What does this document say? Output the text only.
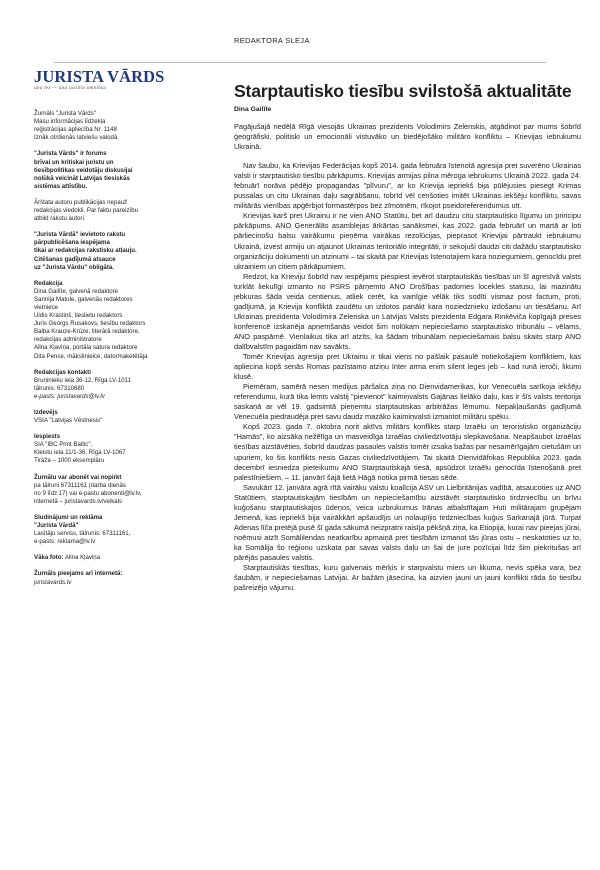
REDAKTORA SLEJA
JURISTA VĀRDS
una lex — una iustitia omnibus
Žurnāls "Jurista Vārds"
Masu informācijas līdzekļa
reģistrācijas apliecība Nr. 1148
Iznāk otrdienās latviešu valodā
"Jurista Vārds" ir forums
brīvai un kritiskai juristu un
tiesībpolitikas veidotāju diskusijai
nolūkā veicināt Latvijas tiesiskās
sistēmas attīstību.
Ārštata autoru publikācijas nepauž
redakcijas viedokli. Par faktu pareizību
atbild rakstu autori.
"Jurista Vārdā" ievietoto rakstu
pārpublicēšana iespējama
tikai ar redakcijas rakstisku atļauju.
Citēšanas gadījumā atsauce
uz "Jurista Vārdu" obligāta.
Redakcija
Dina Gailīte, galvenā redaktore
Sannija Matule, galvenās redaktores
vietniece
Uldis Krastiņš, tieslietu redaktors
Juris Georgs Rusakovs, tiesību redaktors
Baiba Krauze-Krūze, literārā redaktore,
redakcijas administratore
Allna Kļaviņa, portāla satura redaktore
Dita Pence, mākslinieice, datormaketētāja
Redakcijas kontakti
Bruņinieku iela 36-12, Rīga LV-1011
tālrunis: 67310680
e-pasts: juristavards@lv.lv
Izdevējs
VSIA "Latvijas Vēstnesis"
Iespiests
SIA "IBC Print Baltic",
Kleistu iela 11/1-36, Rīga LV-1067
Tirāža – 1000 eksemplāru
Žurnālu var abonēt vai nopirkt
pa tālruni 67311161 (darba dienās
no 9 līdz 17) vai e-pastu abonenti@lv.lv,
internetā – juristavards.lv/veikals
Sludinājumi un reklāma
"Jurista Vārdā"
Lasītāju serviss, tālrunis: 67311161,
e-pasts: reklama@lv.lv
Vāka foto: Allna Kļaviņa
Žurnāls pieejams arī internetā:
juristavards.lv
Starptautisko tiesību svilstošā aktualitāte
Dina Gailīte

Pagājušajā nedēļā Rīgā viesojās Ukrainas prezidents Volodimirs Zelenskis, atgādinot par mums šobrīd ģeogrāfiski, politiski un emocionāli vistuvāko un biedējošāko militāro konfliktu – Krievijas iebrukumu Ukrainā.

Nav šaubu, ka Krievijas Federācijas kopš 2014. gada februāra īstenotā agresija pret suverēno Ukrainas valsti ir starptautisko tiesību pārkāpums. Krievijas armijas pilna mēroga iebrukums Ukrainā 2022. gada 24. februārī norāva pēdējo propagandas "plīvuru", ar ko Krievija iepriekš bija pūlējusies piesegt Krimas pussalas un citu Ukrainas daļu sagrābšanu, tobrīd vēl cenšoties imitēt Ukrainas iekšēju konfliktu, savas militārās vienības apģērbjot formastērpos bez zīmotnēm, rīkojot pseidoreferendumus utt.

Krievijas karš pret Ukrainu ir ne vien ANO Statūtu, bet arī daudzu citu starptautisko līgumu un principu pārkāpums. ANO Ģenerālās asamblejas ārkārtas sanāksmei, kas 2022. gada februārī un martā ar ļoti pārliecinošu balsu vairākumu pieņēma vairākas rezolūcijas, pieprasot Krievijai pārtraukt iebrukumu Ukrainā, izvest armiju un atjaunot Ukrainas teritoriālo integritāti, ir sekojuši daudzi citi dažādu starptautisko organizāciju dokumenti un atzinumi – tai skaitā par Krievijas īstenotajiem kara noziegumiem, genocīdu pret ukraiņiem un citiem pārkāpumiem.

Redzot, ka Krieviju šobrīd nav iespējams piespiest ievērot starptautiskās tiesības un šī agresīvā valsts turklāt liekulīgi izmanto no PSRS pārņemto ANO Drošības padomes locekles statusu, lai mazinātu jebkuras šāda veida centienus, atliek cerēt, ka vainīgie vēlāk tiks sodīti vismaz post factum, proti, gadījumā, ja Krievija konfliktā zaudētu un izdotos panākt kara noziedznieku izdošanu un tiesāšanu. Arī Ukrainas prezidenta Volodimira Zelenska un Latvijas Valsts prezidenta Edgara Rinkēviča kopīgajā preses konferencē izskanēja apņemšanās veidot šim nolūkam nepieciešamo starptautisko tribunālu – vēlams, ANO paspārnē. Vienlaikus tika arī atzīts, ka šādam tribunālam nepieciešamais balsu skaits starp ANO dalībvalstīm pagaidām nav savākts.

Tomēr Krievijas agresija pret Ukrainu ir tikai viens no pašlaik pasaulē notiekošajiem konfliktiem, kas apliecina kopš senās Romas pazīstamo atziņu Inter arma enim silent leges jeb – kad runā ieroči, likumi klusē.

Piemēram, samērā nesen medijus pāršalca ziņa no Dienvidamerikas, kur Venecuēla sarīkoja iekšēju referendumu, kurā tika lemts valstij "pievienot" kaimiņvalsts Gajānas lielāko daļu, kas ir šīs valsts teritorija saskaņā ar vēl 19. gadsimtā pieņemtu starptautiskas arbitrāžas lēmumu. Nepakļaušanās gadījumā Venecuēla piedraudēja pret savu daudz mazāko kaimiņvalsti izmantot militāru spēku.

Kopš 2023. gada 7. oktobra norit aktīvs militārs konflikts starp Izraēlu un teroristisko organizāciju "Hamās", ko aizsāka nežēlīga un masveidīga Izraēlas civiliedzīvotāju slepkavošana. Neapšaubot Izraēlas tiesības aizstāvēties, šobrīd daudzas pasaules valstis tomēr izsaka bažas par nesamērīgajām cietušām un upuriem, ko šis konflikts nesis Gazas civiliedzīvotājiem. Tai skaitā Dienvidāfrikas Republika 2023. gada decembrī iesniedza pieteikumu ANO Starptautiskajā tiesā, apsūdzot Izraēlu genocīda īstenošanā pret palestīniešiem, – 11. janvārī šajā lietā Hāgā notika pirmā tiesas sēde.

Savukārt 12. janvāra agrā rītā vairāku valstu koalīcija ASV un Lielbritānijas vadībā, atsaucoties uz ANO Statūtiem, starptautiskajām tiesībām un nepieciešamību aizstāvēt starptautisko tirdzniecību un brīvu kuģošanu starptautiskajos ūdeņos, veica uzbrukumus Irānas atbalstītajam Huti militārajam grupējam Jemenā, kas iepriekš bija vairākkārt apšaudījis un nolaupījis tirdzniecības kuģus Sarkanajā jūrā. Turpat Adenas līča pretējā pusē šī gada sākumā neizpratni raisīja pēkšņā ziņa, ka Etiopija, kurai nav pieejas jūrai, noēmusi atzīt Somālilendas neatkarību apmaiņā pret tiesībām izmanot tās jūras ostu – neskatoties uz to, ka Somālija šo reģionu uzskata par savas valsts daļu un šai de jure pozīcijai līdz šim piekritušas arī pārējās pasaules valstis.

Starptautiskās tiesības, kuru galvenais mērķis ir starpvalstu miers un likuma, nevis spēka vara, bez šaubām, ir nepieciešamas Latvijai. Ar bažām jāsecina, ka aizvien jauni un jauni konflikti rāda šo tiesību pašreizējo vājumu.
